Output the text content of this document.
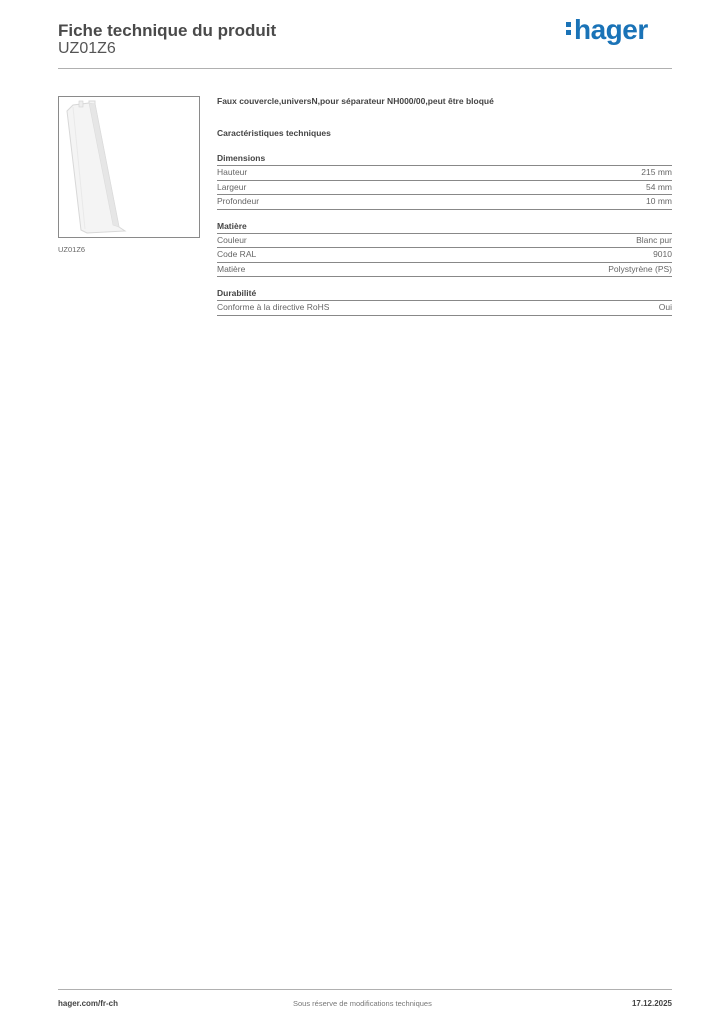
Fiche technique du produit
UZ01Z6
hager
UZ01Z6
Faux couvercle,universN,pour séparateur NH000/00,peut être bloqué
Caractéristiques techniques
Dimensions
Hauteur	215 mm
Largeur	54 mm
Profondeur	10 mm
Matière
Couleur	Blanc pur
Code RAL	9010
Matière	Polystyrène (PS)
Durabilité
Conforme à la directive RoHS	Oui
hager.com/fr-ch	Sous réserve de modifications techniques	17.12.2025
